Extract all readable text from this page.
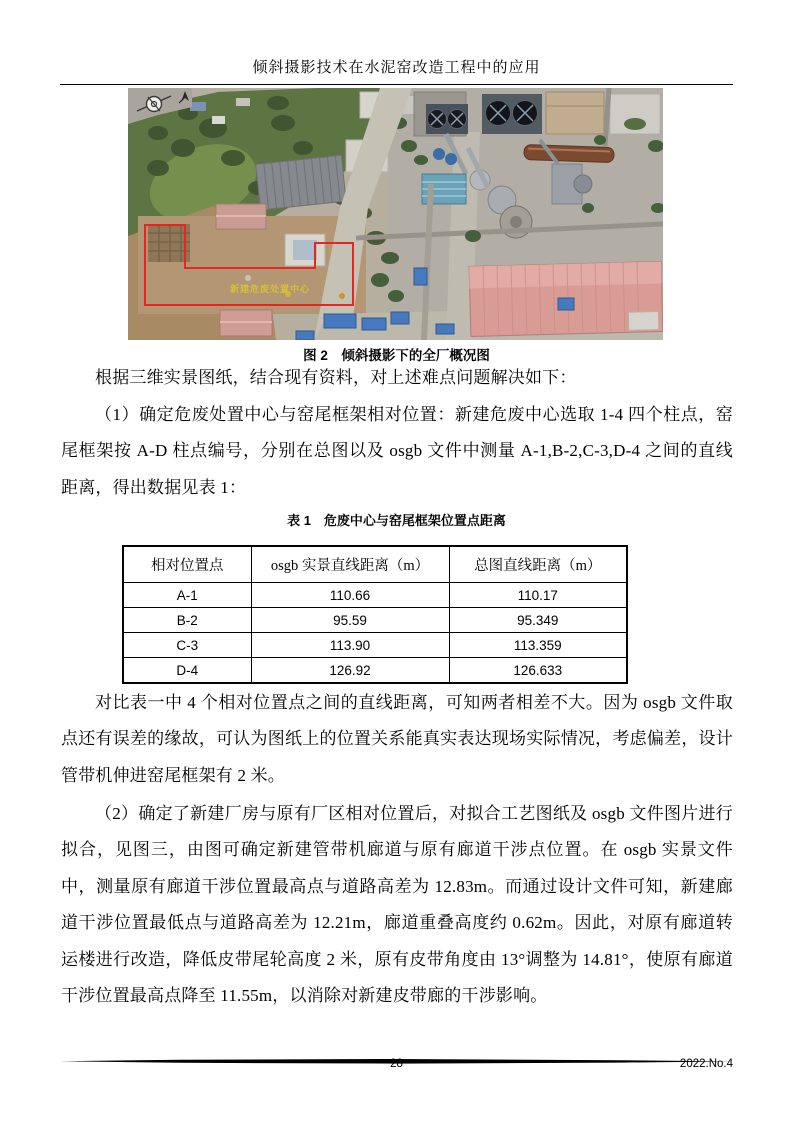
倾斜摄影技术在水泥窑改造工程中的应用
新建危废处置中心
图 2　倾斜摄影下的全厂概况图

根据三维实景图纸，结合现有资料，对上述难点问题解决如下：

（1）确定危废处置中心与窑尾框架相对位置：新建危废中心选取 1-4 四个柱点，窑尾框架按 A-D 柱点编号，分别在总图以及 osgb 文件中测量 A-1,B-2,C-3,D-4 之间的直线距离，得出数据见表 1：

表 1　危废中心与窑尾框架位置点距离
相对位置点	osgb 实景直线距离（m）	总图直线距离（m）
A-1	110.66	110.17
B-2	95.59	95.349
C-3	113.90	113.359
D-4	126.92	126.633

对比表一中 4 个相对位置点之间的直线距离，可知两者相差不大。因为 osgb 文件取点还有误差的缘故，可认为图纸上的位置关系能真实表达现场实际情况，考虑偏差，设计管带机伸进窑尾框架有 2 米。

（2）确定了新建厂房与原有厂区相对位置后，对拟合工艺图纸及 osgb 文件图片进行拟合，见图三，由图可确定新建管带机廊道与原有廊道干涉点位置。在 osgb 实景文件中，测量原有廊道干涉位置最高点与道路高差为 12.83m。而通过设计文件可知，新建廊道干涉位置最低点与道路高差为 12.21m，廊道重叠高度约 0.62m。因此，对原有廊道转运楼进行改造，降低皮带尾轮高度 2 米，原有皮带角度由 13°调整为 14.81°，使原有廊道干涉位置最高点降至 11.55m，以消除对新建皮带廊的干涉影响。

28	2022.No.4
